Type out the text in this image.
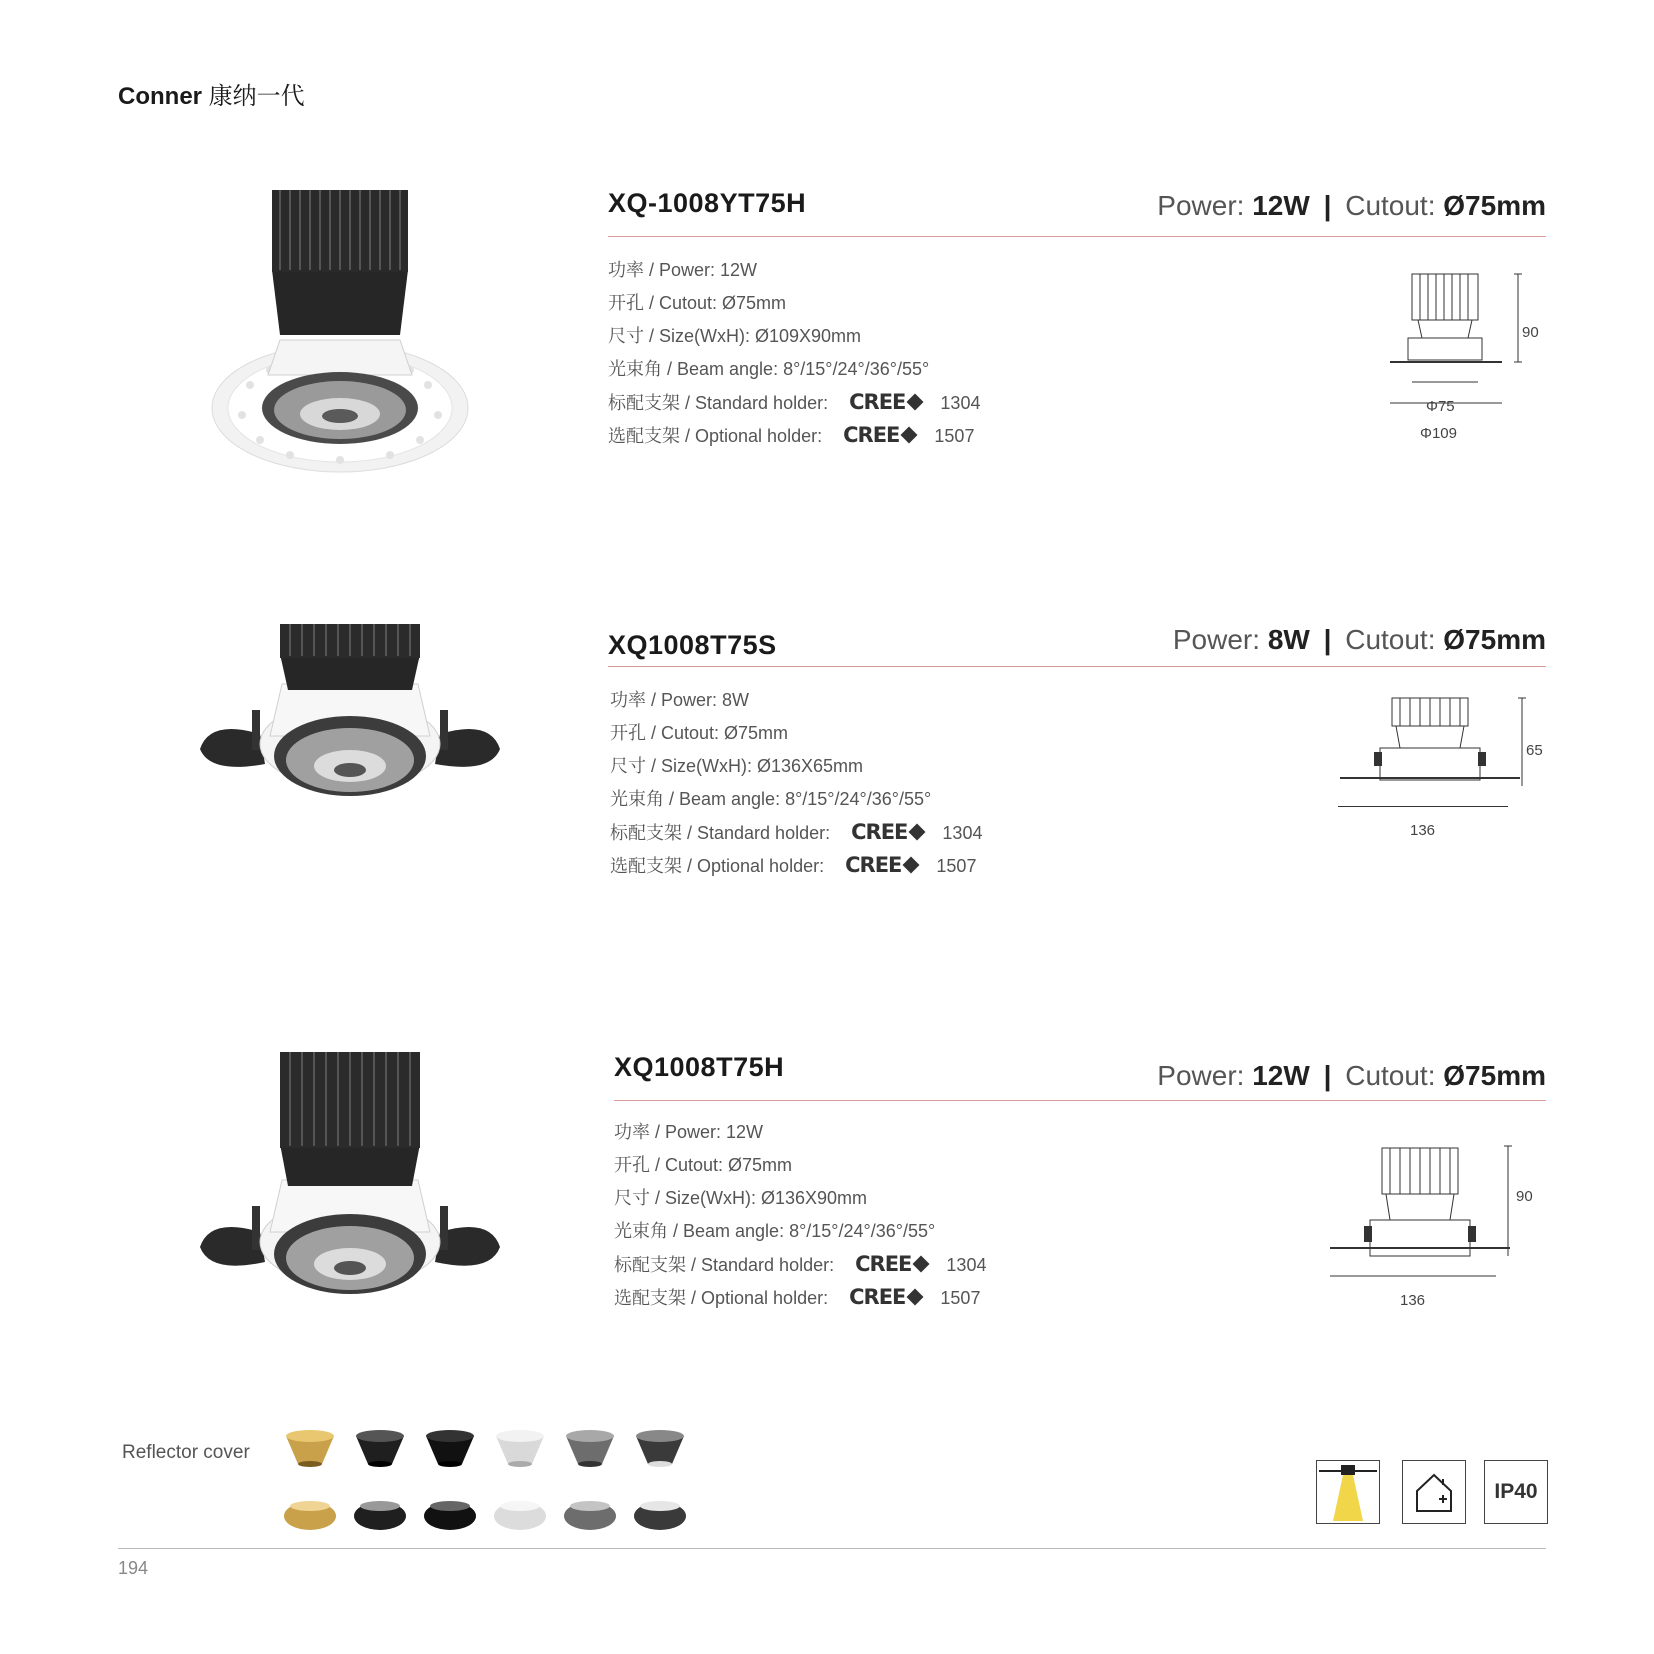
Conner 康纳一代
XQ-1008YT75H	Power: 12W | Cutout: Ø75mm
功率 / Power: 12W
开孔 / Cutout: Ø75mm
尺寸 / Size(WxH): Ø109X90mm
光束角 / Beam angle: 8°/15°/24°/36°/55°
标配支架 / Standard holder: CREE 1304
选配支架 / Optional holder: CREE 1507
90
Φ75
Φ109
XQ1008T75S	Power: 8W | Cutout: Ø75mm
功率 / Power: 8W
开孔 / Cutout: Ø75mm
尺寸 / Size(WxH): Ø136X65mm
光束角 / Beam angle: 8°/15°/24°/36°/55°
标配支架 / Standard holder: CREE 1304
选配支架 / Optional holder: CREE 1507
65
136
XQ1008T75H	Power: 12W | Cutout: Ø75mm
功率 / Power: 12W
开孔 / Cutout: Ø75mm
尺寸 / Size(WxH): Ø136X90mm
光束角 / Beam angle: 8°/15°/24°/36°/55°
标配支架 / Standard holder: CREE 1304
选配支架 / Optional holder: CREE 1507
90
136
Reflector cover
IP40
194
